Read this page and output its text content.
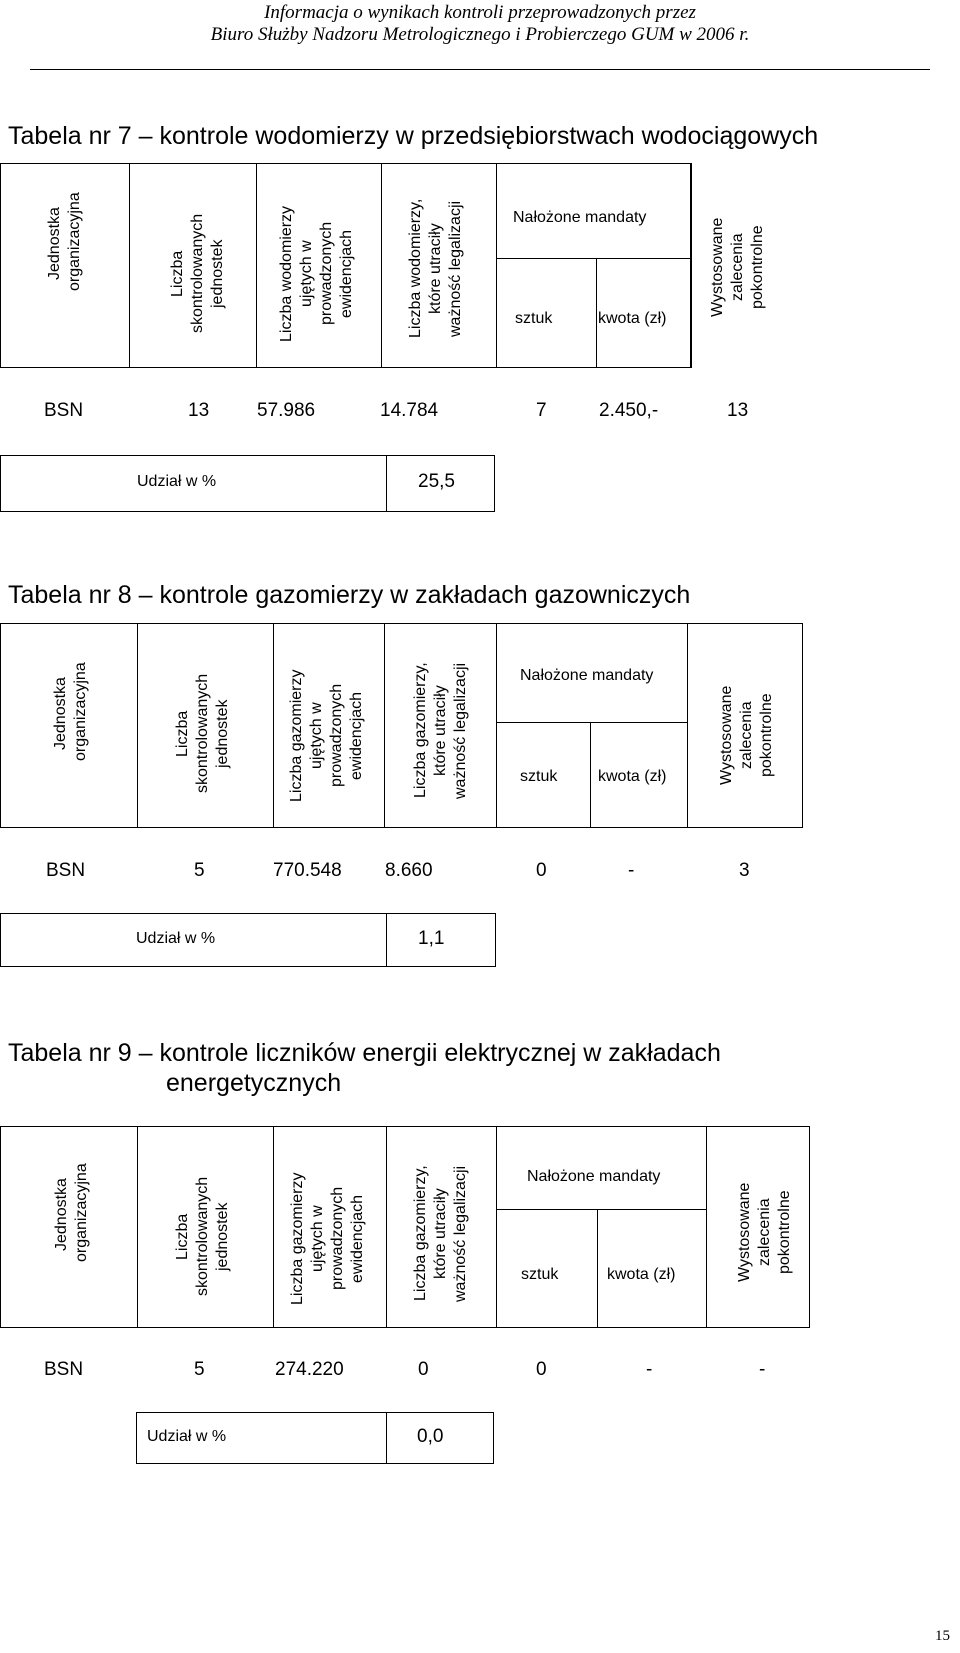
Informacja o wynikach kontroli przeprowadzonych przez
Biuro Służby Nadzoru Metrologicznego i Probierczego GUM w 2006 r.
Tabela nr 7 – kontrole wodomierzy w przedsiębiorstwach wodociągowych
Jednostka organizacyjna	Liczba skontrolowanych jednostek	Liczba wodomierzy ujętych w prowadzonych ewidencjach	Liczba wodomierzy, które utraciły ważność legalizacji	Nałożone mandaty
sztuk	kwota (zł)
Wystosowane zalecenia pokontrolne
BSN	13	57.986	14.784	7	2.450,-	13
Udział w %	25,5
Tabela nr 8 – kontrole gazomierzy w zakładach gazowniczych
Jednostka organizacyjna	Liczba skontrolowanych jednostek	Liczba gazomierzy ujętych w prowadzonych ewidencjach	Liczba gazomierzy, które utraciły ważność legalizacji	Nałożone mandaty
sztuk	kwota (zł)	Wystosowane zalecenia pokontrolne
BSN	5	770.548 8.660	0	-	3
Udział w %	1,1
Tabela nr 9 – kontrole liczników energii elektrycznej w zakładach
energetycznych
Jednostka organizacyjna	Liczba skontrolowanych jednostek	Liczba gazomierzy ujętych w prowadzonych ewidencjach	Liczba gazomierzy, które utraciły ważność legalizacji	Nałożone mandaty
sztuk	kwota (zł)	Wystosowane zalecenia pokontrolne
BSN	5	274.220	0	0	-	-
Udział w %	0,0
15
